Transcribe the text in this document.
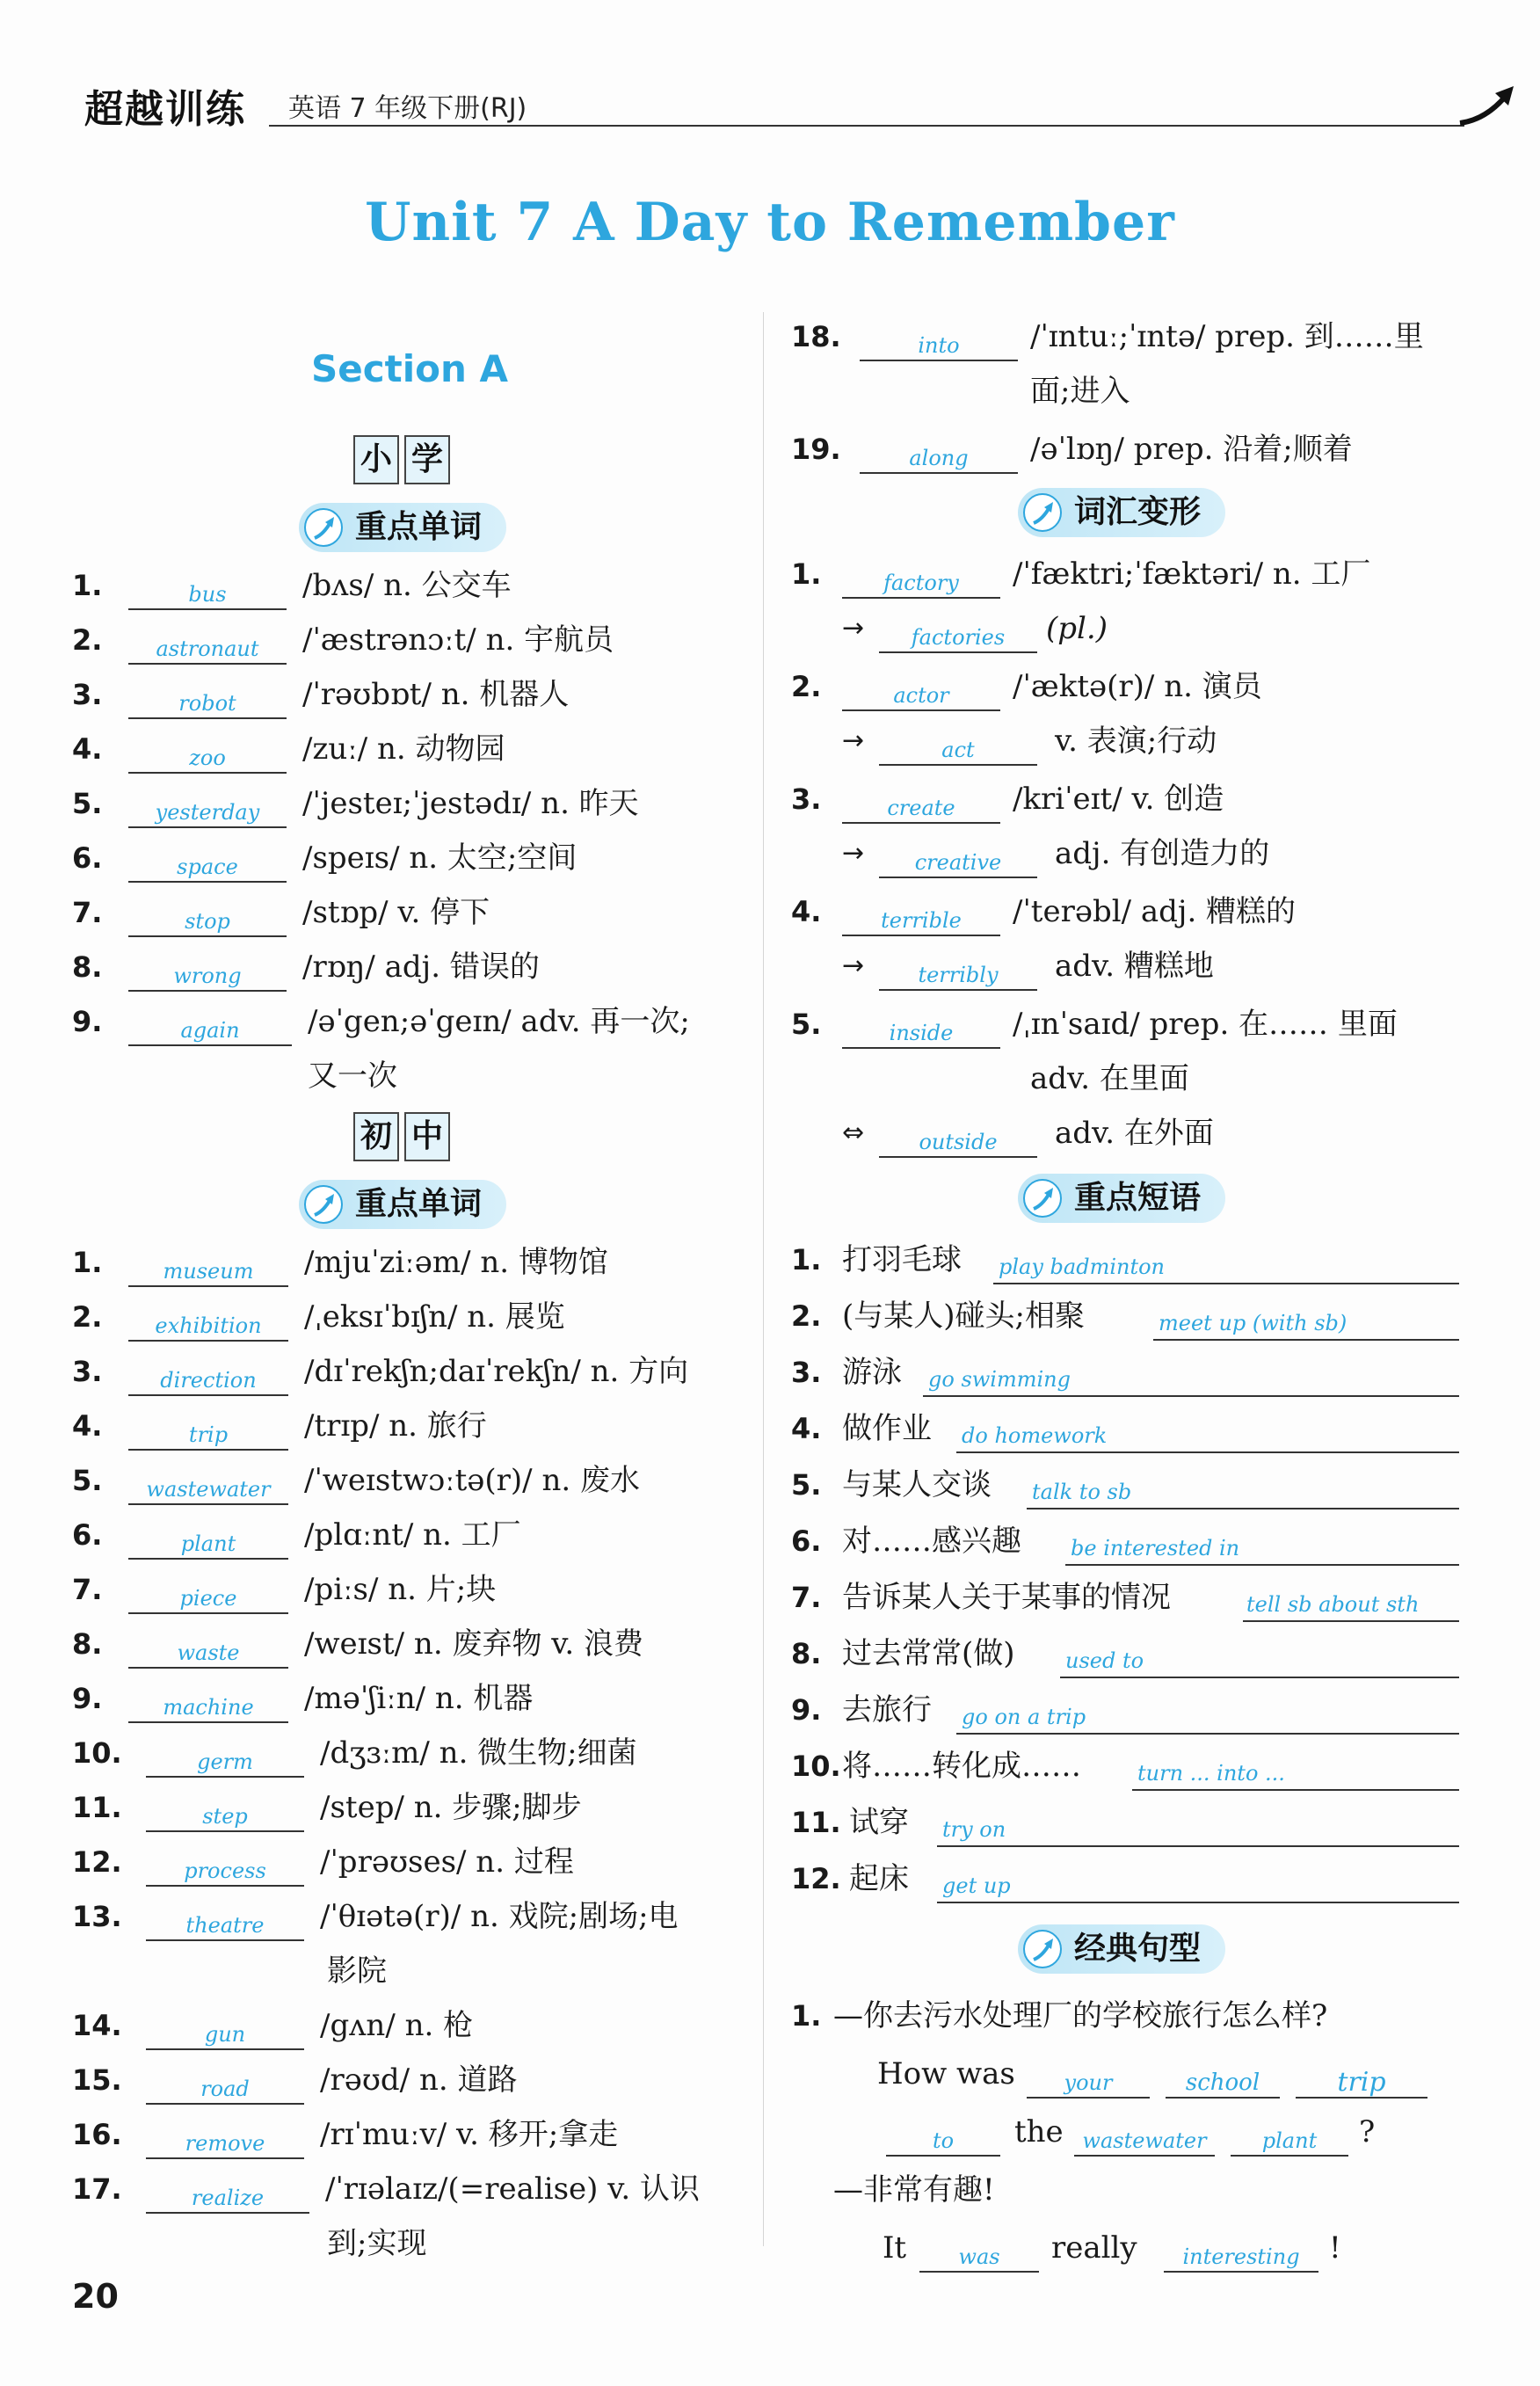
超越训练 英语 7 年级下册(RJ)
Unit 7 A Day to Remember
Section A
小 学
重点单词
1.	bus	/bʌs/ n. 公交车
2.	astronaut	/ˈæstrənɔːt/ n. 宇航员
3.	robot	/ˈrəʊbɒt/ n. 机器人
4.	zoo	/zuː/ n. 动物园
5.	yesterday	/ˈjesteɪ;ˈjestədɪ/ n. 昨天
6.	space	/speɪs/ n. 太空;空间
7.	stop	/stɒp/ v. 停下
8.	wrong	/rɒŋ/ adj. 错误的
9.	again	/əˈgen;əˈgeɪn/ adv. 再一次;
又一次
初 中
重点单词
1.	museum	/mjuˈziːəm/ n. 博物馆
2.	exhibition	/ˌeksɪˈbɪʃn/ n. 展览
3.	direction	/dɪˈrekʃn;daɪˈrekʃn/ n. 方向
4.	trip	/trɪp/ n. 旅行
5.	wastewater	/ˈweɪstwɔːtə(r)/ n. 废水
6.	plant	/plɑːnt/ n. 工厂
7.	piece	/piːs/ n. 片;块
8.	waste	/weɪst/ n. 废弃物 v. 浪费
9.	machine	/məˈʃiːn/ n. 机器
10.	germ	/dʒɜːm/ n. 微生物;细菌
11.	step	/step/ n. 步骤;脚步
12.	process	/ˈprəʊses/ n. 过程
13.	theatre	/ˈθɪətə(r)/ n. 戏院;剧场;电
影院
14.	gun	/gʌn/ n. 枪
15.	road	/rəʊd/ n. 道路
16.	remove	/rɪˈmuːv/ v. 移开;拿走
17.	realize	/ˈrɪəlaɪz/(=realise) v. 认识
到;实现
18.	into	/ˈɪntuː;ˈɪntə/ prep. 到……里
面;进入
19.	along	/əˈlɒŋ/ prep. 沿着;顺着
词汇变形
1.	factory	/ˈfæktri;ˈfæktəri/ n. 工厂
→	factories	(pl.)
2.	actor	/ˈæktə(r)/ n. 演员
→	act	v. 表演;行动
3.	create	/kriˈeɪt/ v. 创造
→	creative	adj. 有创造力的
4.	terrible	/ˈterəbl/ adj. 糟糕的
→	terribly	adv. 糟糕地
5.	inside	/ˌɪnˈsaɪd/ prep. 在…… 里面
adv. 在里面
⇔	outside	adv. 在外面
重点短语
1. 打羽毛球 play badminton
2. (与某人)碰头;相聚	meet up (with sb)
3. 游泳 go swimming
4. 做作业 do homework
5. 与某人交谈 talk to sb
6. 对……感兴趣 be interested in
7. 告诉某人关于某事的情况	tell sb about sth
8. 过去常常(做) used to
9. 去旅行 go on a trip
10. 将……转化成……	turn ... into ...
11. 试穿 try on
12. 起床 get up
经典句型
1. —你去污水处理厂的学校旅行怎么样?
How was	your	school	trip
to	the wastewater	plant	?
—非常有趣!
It	was	really	interesting !
20
